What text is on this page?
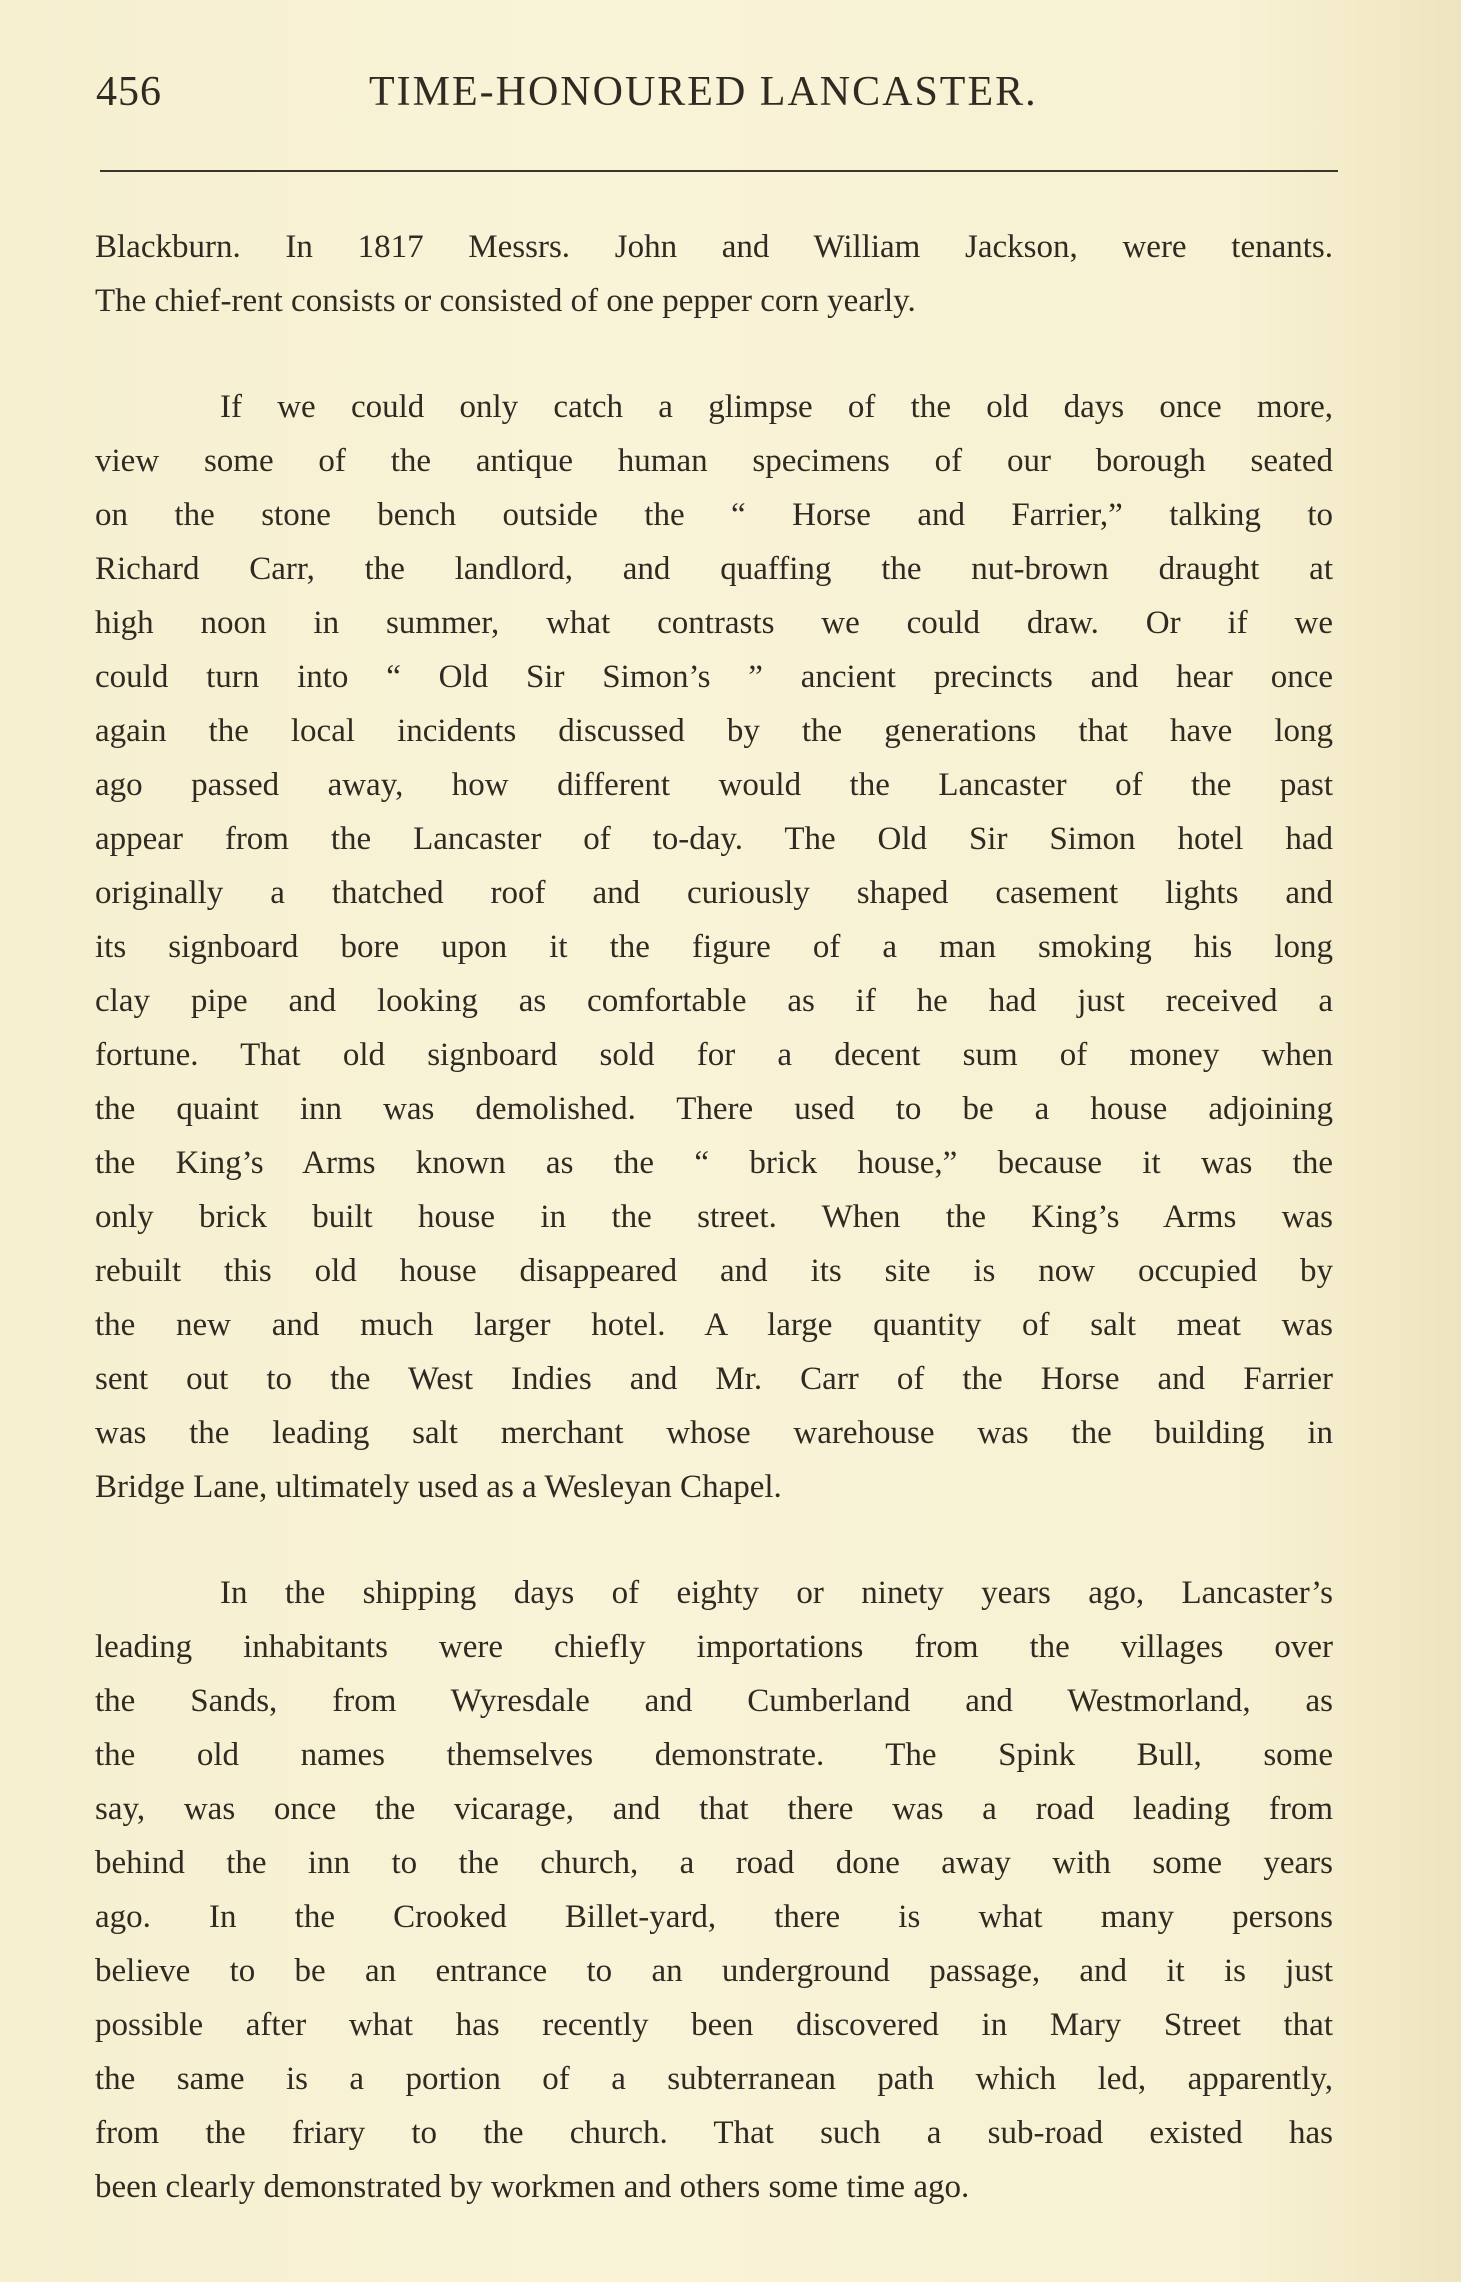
456	TIME-HONOURED LANCASTER.
Blackburn. In 1817 Messrs. John and William Jackson, were tenants.
The chief-rent consists or consisted of one pepper corn yearly.
If we could only catch a glimpse of the old days once more,
view some of the antique human specimens of our borough seated
on the stone bench outside the “ Horse and Farrier,” talking to
Richard Carr, the landlord, and quaffing the nut-brown draught at
high noon in summer, what contrasts we could draw. Or if we
could turn into “ Old Sir Simon’s ” ancient precincts and hear once
again the local incidents discussed by the generations that have long
ago passed away, how different would the Lancaster of the past
appear from the Lancaster of to-day. The Old Sir Simon hotel had
originally a thatched roof and curiously shaped casement lights and
its signboard bore upon it the figure of a man smoking his long
clay pipe and looking as comfortable as if he had just received a
fortune. That old signboard sold for a decent sum of money when
the quaint inn was demolished. There used to be a house adjoining
the King’s Arms known as the “ brick house,” because it was the
only brick built house in the street. When the King’s Arms was
rebuilt this old house disappeared and its site is now occupied by
the new and much larger hotel. A large quantity of salt meat was
sent out to the West Indies and Mr. Carr of the Horse and Farrier
was the leading salt merchant whose warehouse was the building in
Bridge Lane, ultimately used as a Wesleyan Chapel.
In the shipping days of eighty or ninety years ago, Lancaster’s
leading inhabitants were chiefly importations from the villages over
the Sands, from Wyresdale and Cumberland and Westmorland, as
the old names themselves demonstrate. The Spink Bull, some
say, was once the vicarage, and that there was a road leading from
behind the inn to the church, a road done away with some years
ago. In the Crooked Billet-yard, there is what many persons
believe to be an entrance to an underground passage, and it is just
possible after what has recently been discovered in Mary Street that
the same is a portion of a subterranean path which led, apparently,
from the friary to the church. That such a sub-road existed has
been clearly demonstrated by workmen and others some time ago.
